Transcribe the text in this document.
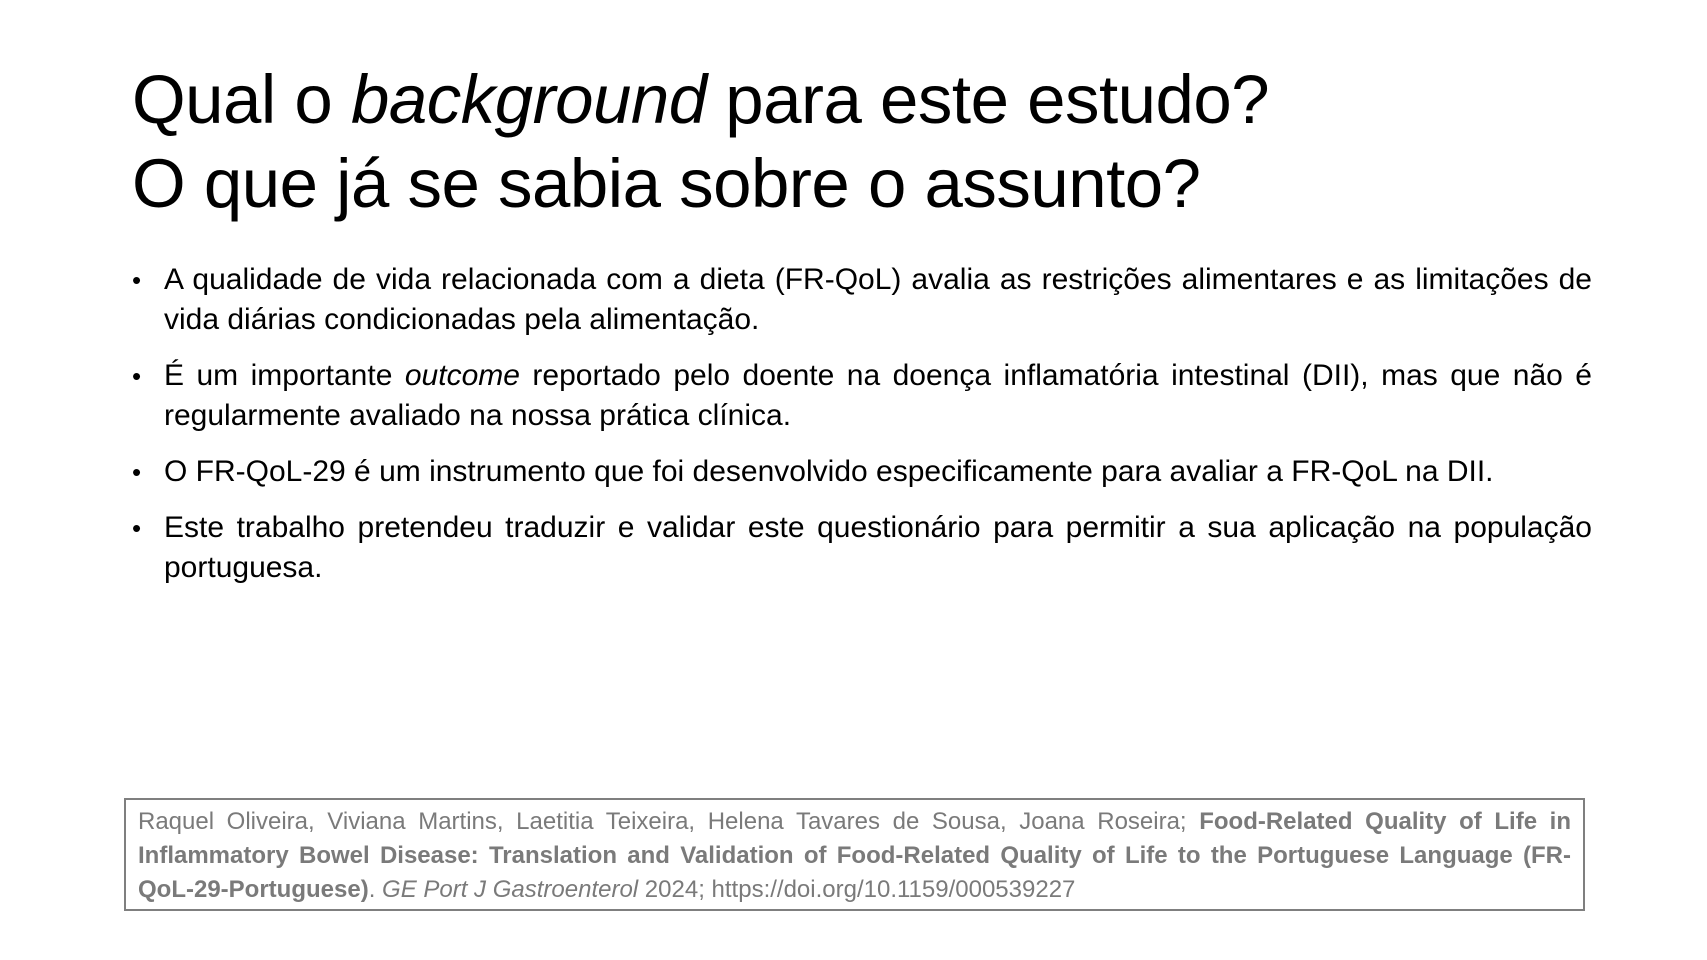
Qual o background para este estudo?
O que já se sabia sobre o assunto?
• A qualidade de vida relacionada com a dieta (FR-QoL) avalia as restrições alimentares e as limitações de vida diárias condicionadas pela alimentação.
• É um importante outcome reportado pelo doente na doença inflamatória intestinal (DII), mas que não é regularmente avaliado na nossa prática clínica.
• O FR-QoL-29 é um instrumento que foi desenvolvido especificamente para avaliar a FR-QoL na DII.
• Este trabalho pretendeu traduzir e validar este questionário para permitir a sua aplicação na população portuguesa.
Raquel Oliveira, Viviana Martins, Laetitia Teixeira, Helena Tavares de Sousa, Joana Roseira; Food-Related Quality of Life in Inflammatory Bowel Disease: Translation and Validation of Food-Related Quality of Life to the Portuguese Language (FR-QoL-29-Portuguese). GE Port J Gastroenterol 2024; https://doi.org/10.1159/000539227
